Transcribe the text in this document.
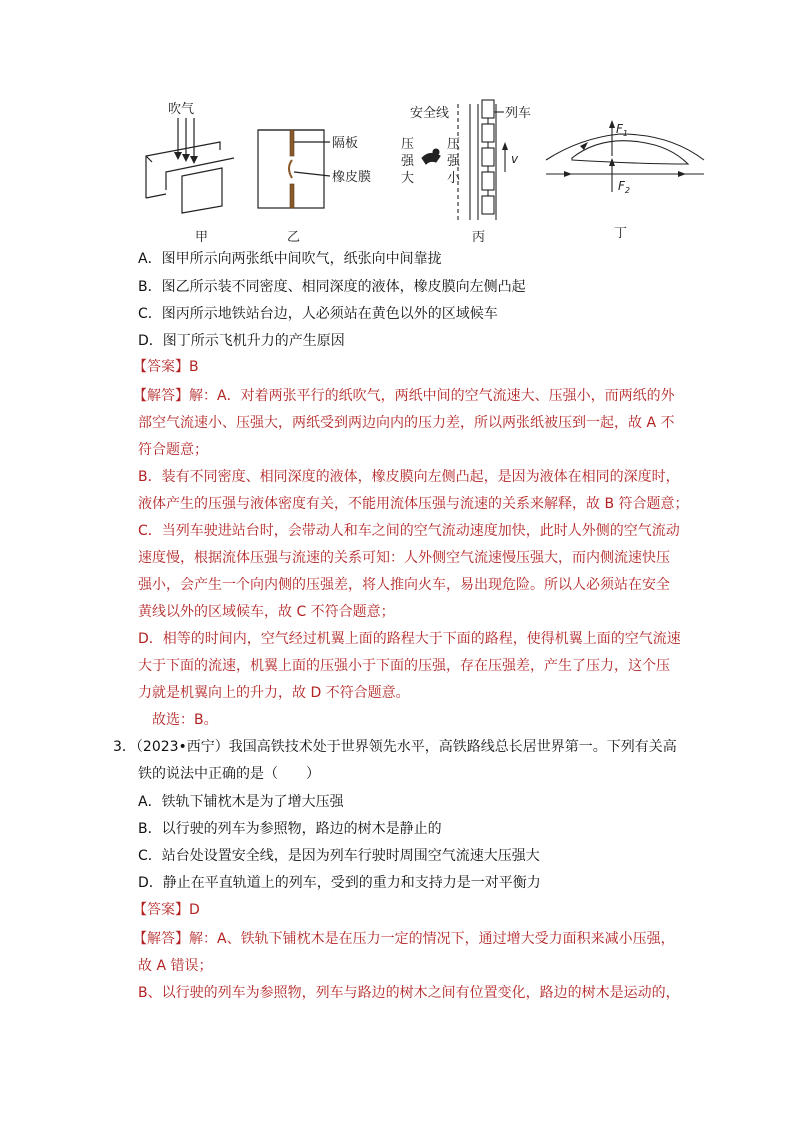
吹气
甲
隔板
橡皮膜
乙
安全线	列车
压
强
大
压
强
小
v
丙
$F_1$
$F_2$
丁
A．图甲所示向两张纸中间吹气，纸张向中间靠拢
B．图乙所示装不同密度、相同深度的液体，橡皮膜向左侧凸起
C．图丙所示地铁站台边，人必须站在黄色以外的区域候车
D．图丁所示飞机升力的产生原因
【答案】B
【解答】解：A．对着两张平行的纸吹气，两纸中间的空气流速大、压强小，而两纸的外
部空气流速小、压强大，两纸受到两边向内的压力差，所以两张纸被压到一起，故 A 不
符合题意；
B．装有不同密度、相同深度的液体，橡皮膜向左侧凸起，是因为液体在相同的深度时，
液体产生的压强与液体密度有关，不能用流体压强与流速的关系来解释，故 B 符合题意；
C．当列车驶进站台时，会带动人和车之间的空气流动速度加快，此时人外侧的空气流动
速度慢，根据流体压强与流速的关系可知：人外侧空气流速慢压强大，而内侧流速快压
强小，会产生一个向内侧的压强差，将人推向火车，易出现危险。所以人必须站在安全
黄线以外的区域候车，故 C 不符合题意；
D．相等的时间内，空气经过机翼上面的路程大于下面的路程，使得机翼上面的空气流速
大于下面的流速，机翼上面的压强小于下面的压强，存在压强差，产生了压力，这个压
力就是机翼向上的升力，故 D 不符合题意。
故选：B。
3．（2023•西宁）我国高铁技术处于世界领先水平，高铁路线总长居世界第一。下列有关高
铁的说法中正确的是（　　）
A．铁轨下铺枕木是为了增大压强
B．以行驶的列车为参照物，路边的树木是静止的
C．站台处设置安全线，是因为列车行驶时周围空气流速大压强大
D．静止在平直轨道上的列车，受到的重力和支持力是一对平衡力
【答案】D
【解答】解：A、铁轨下铺枕木是在压力一定的情况下，通过增大受力面积来减小压强，
故 A 错误；
B、以行驶的列车为参照物，列车与路边的树木之间有位置变化，路边的树木是运动的，
